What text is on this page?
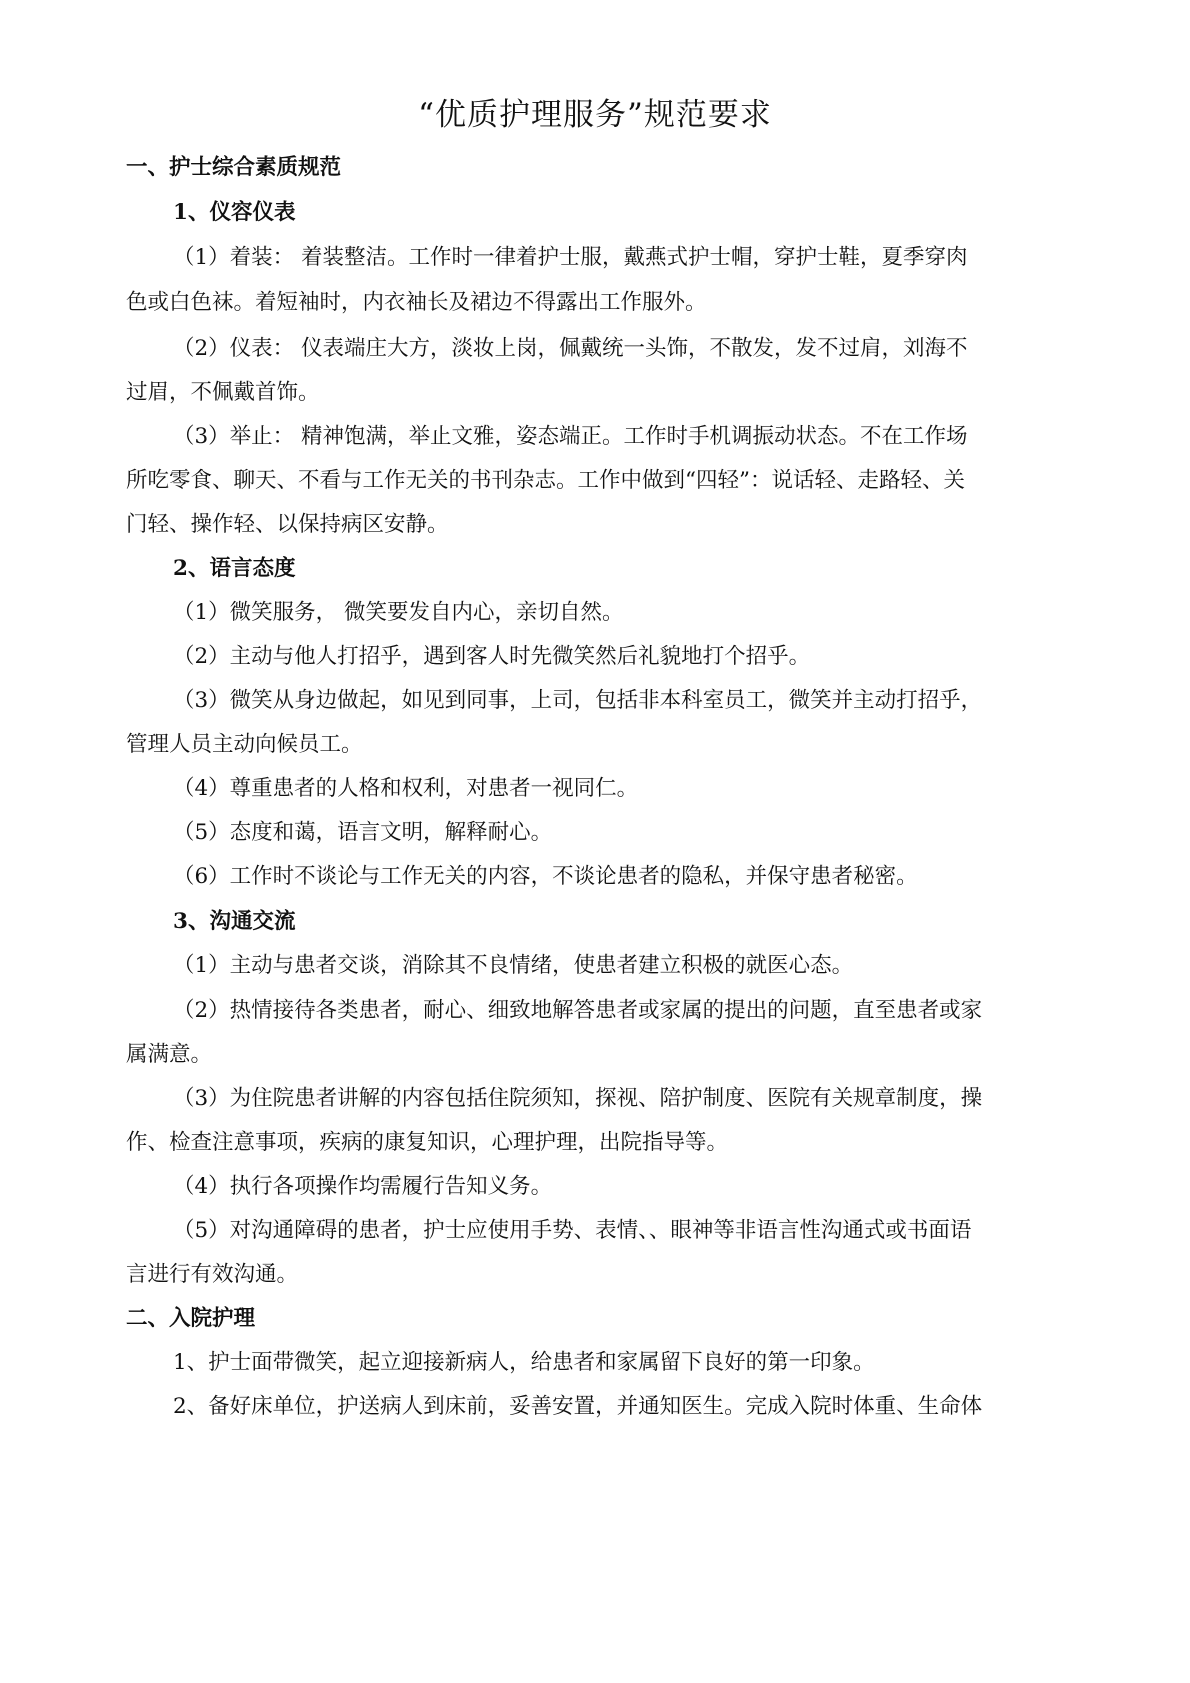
“优质护理服务”规范要求
一、护士综合素质规范
1、仪容仪表
（1）着装： 着装整洁。工作时一律着护士服，戴燕式护士帽，穿护士鞋，夏季穿肉
色或白色袜。着短袖时，内衣袖长及裙边不得露出工作服外。
（2）仪表： 仪表端庄大方，淡妆上岗，佩戴统一头饰，不散发，发不过肩，刘海不
过眉，不佩戴首饰。
（3）举止： 精神饱满，举止文雅，姿态端正。工作时手机调振动状态。不在工作场
所吃零食、聊天、不看与工作无关的书刊杂志。工作中做到“四轻”：说话轻、走路轻、关
门轻、操作轻、以保持病区安静。
2、语言态度
（1）微笑服务， 微笑要发自内心，亲切自然。
（2）主动与他人打招乎，遇到客人时先微笑然后礼貌地打个招乎。
（3）微笑从身边做起，如见到同事，上司，包括非本科室员工，微笑并主动打招乎，
管理人员主动向候员工。
（4）尊重患者的人格和权利，对患者一视同仁。
（5）态度和蔼，语言文明，解释耐心。
（6）工作时不谈论与工作无关的内容，不谈论患者的隐私，并保守患者秘密。
3、沟通交流
（1）主动与患者交谈，消除其不良情绪，使患者建立积极的就医心态。
（2）热情接待各类患者，耐心、细致地解答患者或家属的提出的问题，直至患者或家
属满意。
（3）为住院患者讲解的内容包括住院须知，探视、陪护制度、医院有关规章制度，操
作、检查注意事项，疾病的康复知识，心理护理，出院指导等。
（4）执行各项操作均需履行告知义务。
（5）对沟通障碍的患者，护士应使用手势、表情、、眼神等非语言性沟通式或书面语
言进行有效沟通。
二、入院护理
1、护士面带微笑，起立迎接新病人，给患者和家属留下良好的第一印象。
2、备好床单位，护送病人到床前，妥善安置，并通知医生。完成入院时体重、生命体
